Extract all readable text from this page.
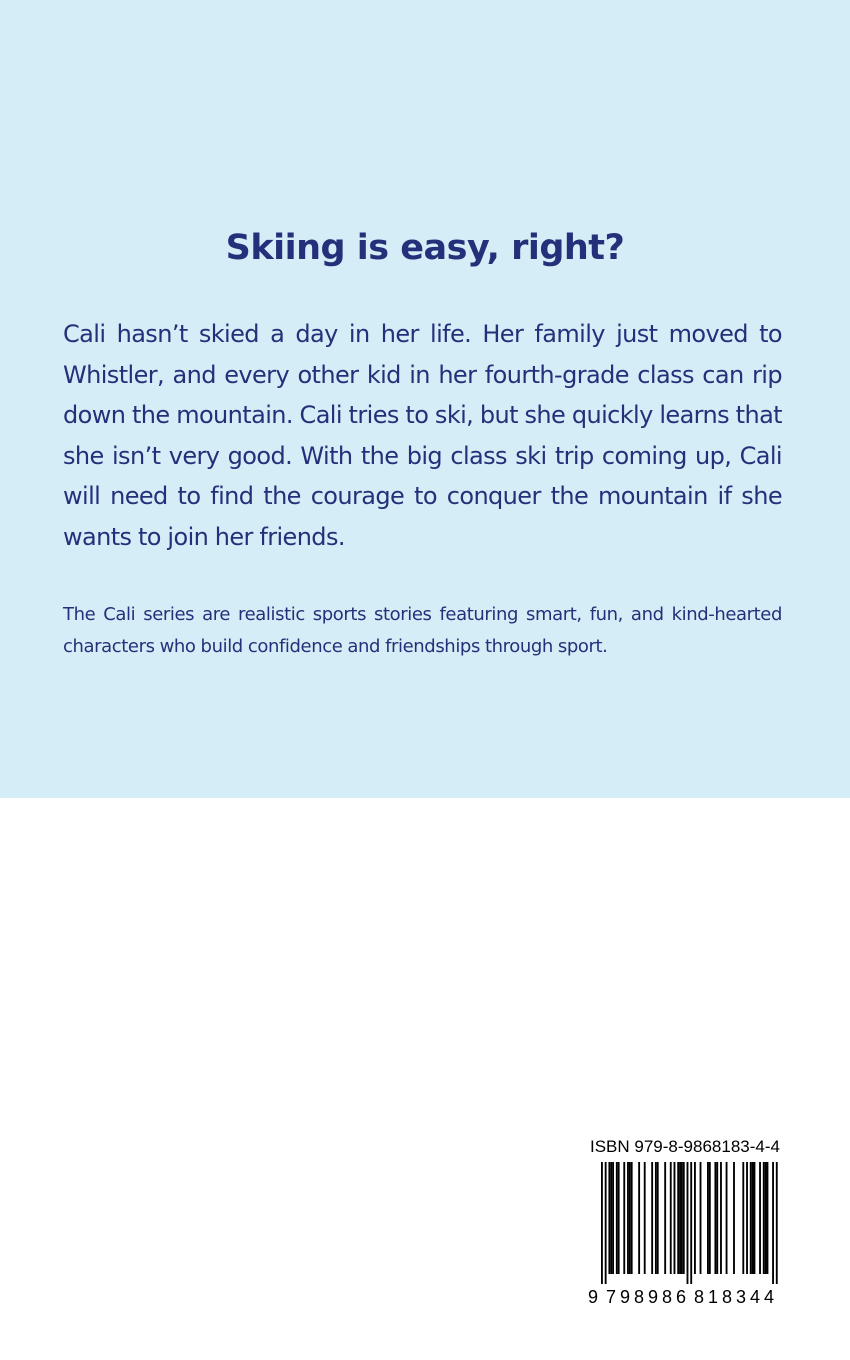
Skiing is easy, right?

Cali hasn’t skied a day in her life. Her family just moved to Whistler, and every other kid in her fourth-grade class can rip down the mountain. Cali tries to ski, but she quickly learns that she isn’t very good. With the big class ski trip coming up, Cali will need to find the courage to conquer the mountain if she wants to join her friends.

The Cali series are realistic sports stories featuring smart, fun, and kind-hearted characters who build confidence and friendships through sport.

ISBN 979-8-9868183-4-4

9 798986 818344
